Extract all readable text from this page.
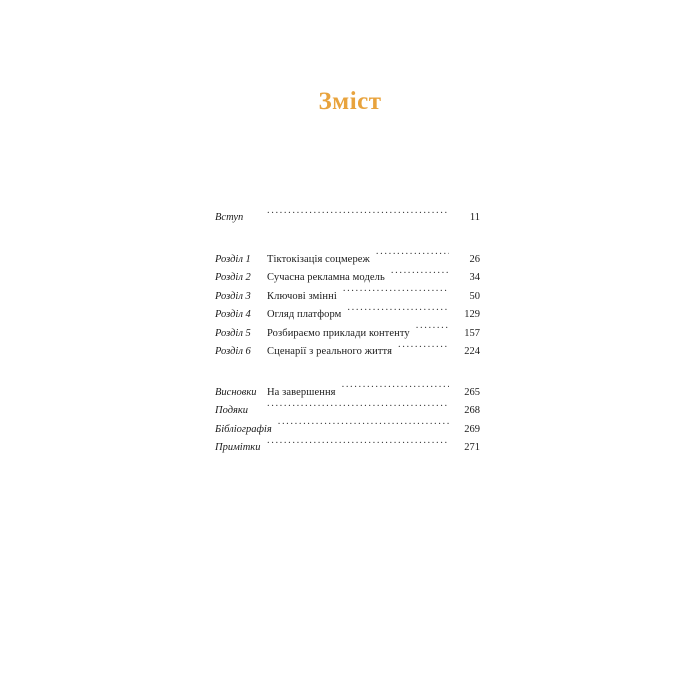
Зміст
Вступ .....	11
Розділ 1	Тіктокізація соцмереж .....	26
Розділ 2	Сучасна рекламна модель .....	34
Розділ 3	Ключові змінні .....	50
Розділ 4	Огляд платформ .....	129
Розділ 5	Розбираємо приклади контенту .....	157
Розділ 6	Сценарії з реального життя .....	224
Висновки На завершення .....	265
Подяки .....	268
Бібліографія .....	269
Примітки .....	271
